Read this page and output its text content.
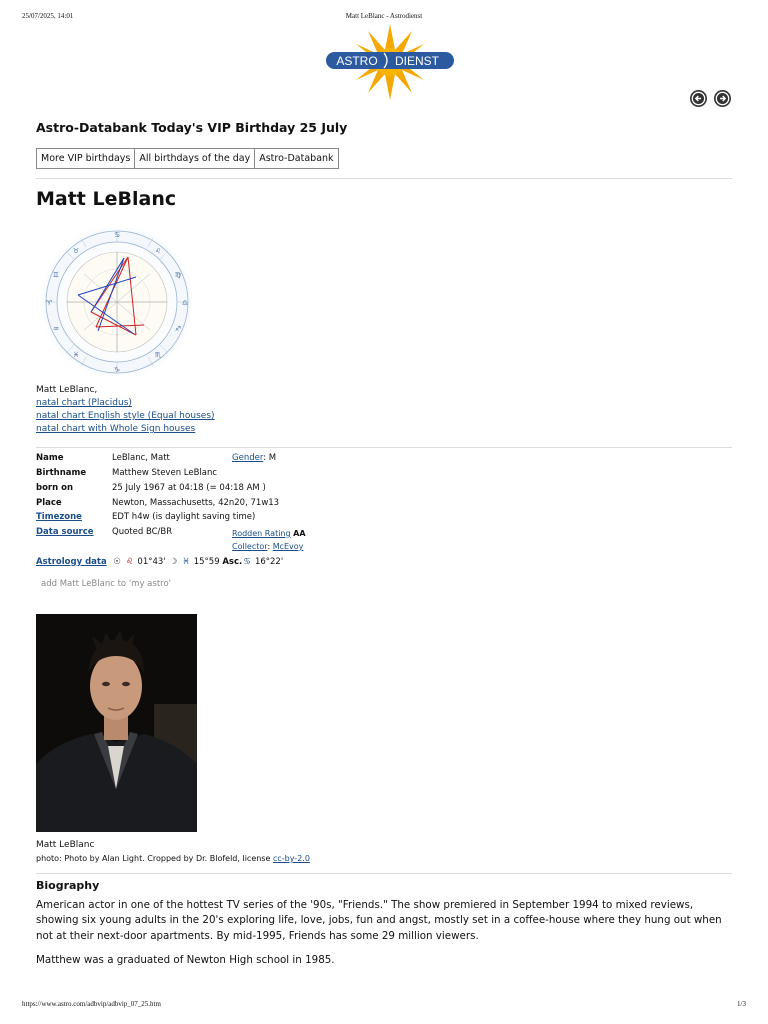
25/07/2025, 14:01	Matt LeBlanc - Astrodienst
ASTRO DIENST
Astro-Databank Today's VIP Birthday 25 July
More VIP birthdays All birthdays of the day Astro-Databank
Matt LeBlanc
♋
♑
♈	♎
♉	♌
♓	♏
♊	♍
♒	♐
Matt LeBlanc,
natal chart (Placidus)
natal chart English style (Equal houses)
natal chart with Whole Sign houses
Name	LeBlanc, Matt	Gender: M
Birthname	Matthew Steven LeBlanc
born on	25 July 1967 at 04:18 (= 04:18 AM )
Place	Newton, Massachusetts, 42n20, 71w13
Timezone	EDT h4w (is daylight saving time)
Data source Quoted BC/BR	Rodden Rating AA
Collector: McEvoy
Astrology data ☉ ♌ 01°43' ☽ ♓ 15°59 Asc.♋ 16°22'
add Matt LeBlanc to 'my astro'
Matt LeBlanc
photo: Photo by Alan Light. Cropped by Dr. Blofeld, license cc-by-2.0
Biography

American actor in one of the hottest TV series of the '90s, "Friends." The show premiered in September 1994 to mixed reviews, showing six young adults in the 20's exploring life, love, jobs, fun and angst, mostly set in a coffee-house where they hung out when not at their next-door apartments. By mid-1995, Friends has some 29 million viewers.

Matthew was a graduated of Newton High school in 1985.

https://www.astro.com/adbvip/adbvip_07_25.htm	1/3
